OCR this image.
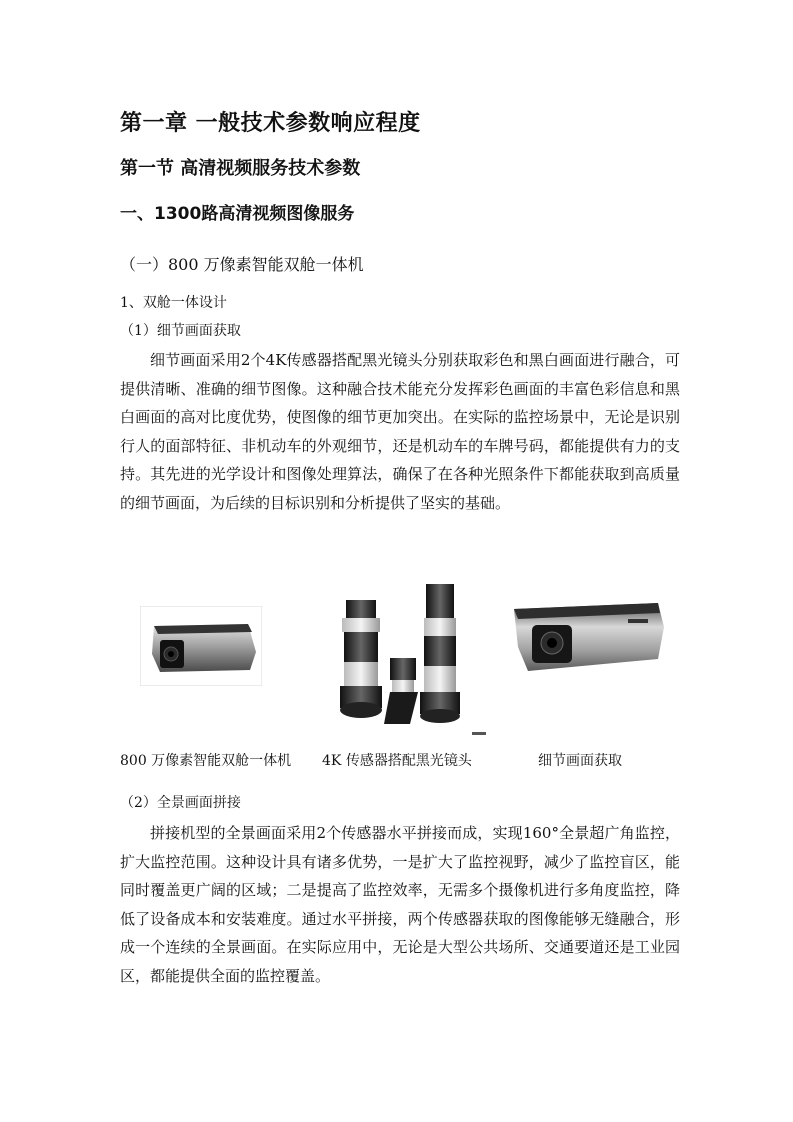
第一章 一般技术参数响应程度
第一节 高清视频服务技术参数
一、1300路高清视频图像服务
（一）800 万像素智能双舱一体机
1、双舱一体设计
（1）细节画面获取

细节画面采用2个4K传感器搭配黑光镜头分别获取彩色和黑白画面进行融合，可提供清晰、准确的细节图像。这种融合技术能充分发挥彩色画面的丰富色彩信息和黑白画面的高对比度优势，使图像的细节更加突出。在实际的监控场景中，无论是识别行人的面部特征、非机动车的外观细节，还是机动车的车牌号码，都能提供有力的支持。其先进的光学设计和图像处理算法，确保了在各种光照条件下都能获取到高质量的细节画面，为后续的目标识别和分析提供了坚实的基础。

800 万像素智能双舱一体机 4K 传感器搭配黑光镜头	细节画面获取
（2）全景画面拼接

拼接机型的全景画面采用2个传感器水平拼接而成，实现160°全景超广角监控，扩大监控范围。这种设计具有诸多优势，一是扩大了监控视野，减少了监控盲区，能同时覆盖更广阔的区域；二是提高了监控效率，无需多个摄像机进行多角度监控，降低了设备成本和安装难度。通过水平拼接，两个传感器获取的图像能够无缝融合，形成一个连续的全景画面。在实际应用中，无论是大型公共场所、交通要道还是工业园区，都能提供全面的监控覆盖。
